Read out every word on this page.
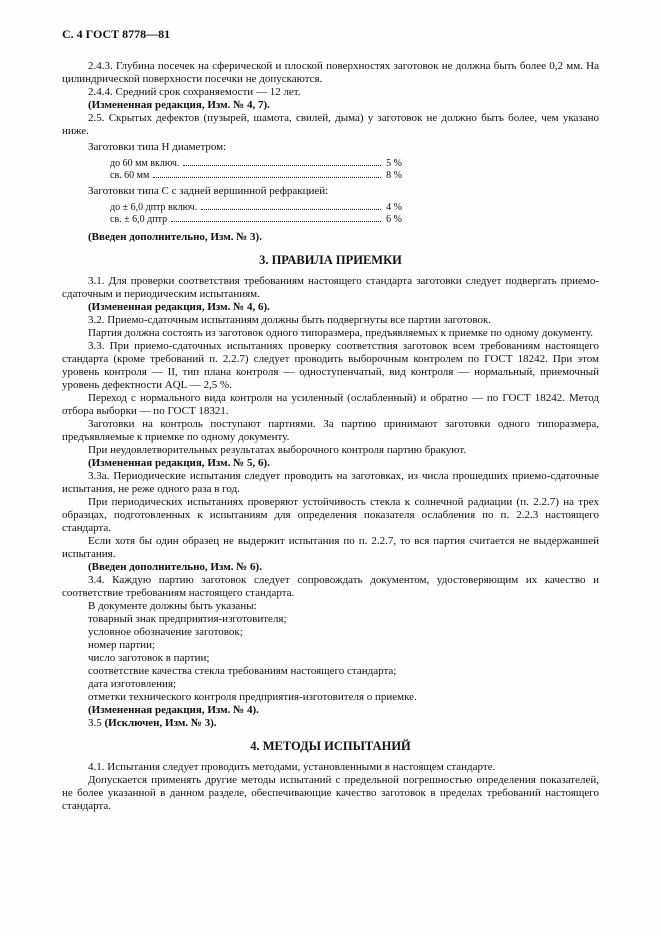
С. 4 ГОСТ 8778—81

2.4.3. Глубина посечек на сферической и плоской поверхностях заготовок не должна быть более 0,2 мм. На цилиндрической поверхности посечки не допускаются.

2.4.4. Средний срок сохраняемости — 12 лет.

(Измененная редакция, Изм. № 4, 7).

2.5. Скрытых дефектов (пузырей, шамота, свилей, дыма) у заготовок не должно быть более, чем указано ниже.

Заготовки типа Н диаметром:

до 60 мм включ.	5 %
св. 60 мм	8 %

Заготовки типа С с задней вершинной рефракцией:

до ± 6,0 дптр включ.	4 %
св. ± 6,0 дптр	6 %

(Введен дополнительно, Изм. № 3).

3. ПРАВИЛА ПРИЕМКИ

3.1. Для проверки соответствия требованиям настоящего стандарта заготовки следует подвергать приемо-сдаточным и периодическим испытаниям.

(Измененная редакция, Изм. № 4, 6).

3.2. Приемо-сдаточным испытаниям должны быть подвергнуты все партии заготовок.

Партия должна состоять из заготовок одного типоразмера, предъявляемых к приемке по одному документу.

3.3. При приемо-сдаточных испытаниях проверку соответствия заготовок всем требованиям настоящего стандарта (кроме требований п. 2.2.7) следует проводить выборочным контролем по ГОСТ 18242. При этом уровень контроля — II, тип плана контроля — одноступенчатый, вид контроля — нормальный, приемочный уровень дефектности AQL — 2,5 %.

Переход с нормального вида контроля на усиленный (ослабленный) и обратно — по ГОСТ 18242. Метод отбора выборки — по ГОСТ 18321.

Заготовки на контроль поступают партиями. За партию принимают заготовки одного типоразмера, предъявляемые к приемке по одному документу.

При неудовлетворительных результатах выборочного контроля партию бракуют.

(Измененная редакция, Изм. № 5, 6).

3.3а. Периодические испытания следует проводить на заготовках, из числа прошедших приемо-сдаточные испытания, не реже одного раза в год.

При периодических испытаниях проверяют устойчивость стекла к солнечной радиации (п. 2.2.7) на трех образцах, подготовленных к испытаниям для определения показателя ослабления по п. 2.2.3 настоящего стандарта.

Если хотя бы один образец не выдержит испытания по п. 2.2.7, то вся партия считается не выдержавшей испытания.

(Введен дополнительно, Изм. № 6).

3.4. Каждую партию заготовок следует сопровождать документом, удостоверяющим их качество и соответствие требованиям настоящего стандарта.

В документе должны быть указаны:

товарный знак предприятия-изготовителя;

условное обозначение заготовок;

номер партии;

число заготовок в партии;

соответствие качества стекла требованиям настоящего стандарта;

дата изготовления;

отметки технического контроля предприятия-изготовителя о приемке.

(Измененная редакция, Изм. № 4).

3.5 (Исключен, Изм. № 3).

4. МЕТОДЫ ИСПЫТАНИЙ

4.1. Испытания следует проводить методами, установленными в настоящем стандарте.

Допускается применять другие методы испытаний с предельной погрешностью определения показателей, не более указанной в данном разделе, обеспечивающие качество заготовок в пределах требований настоящего стандарта.
